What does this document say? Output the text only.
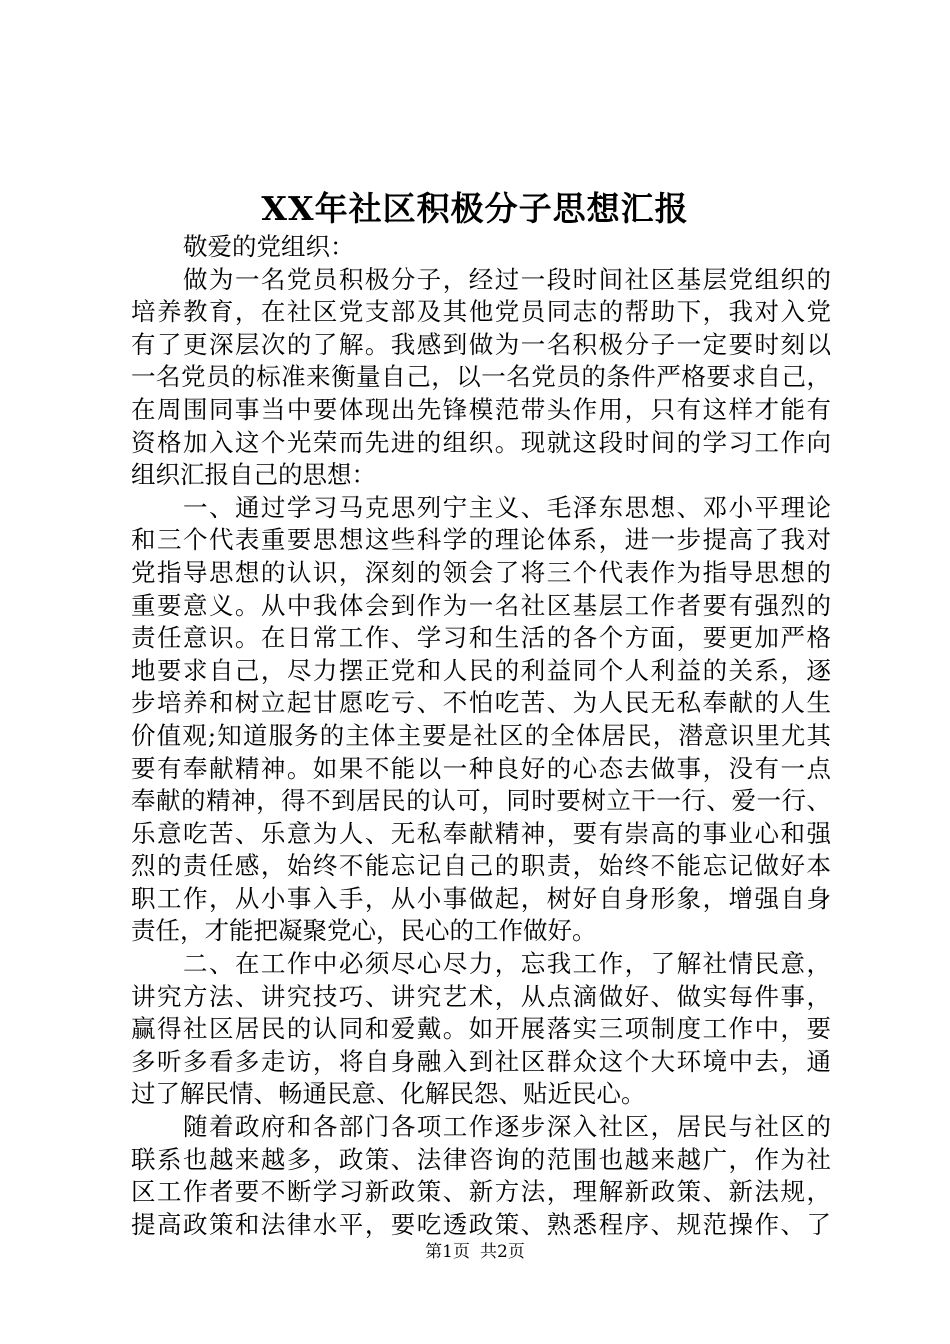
XX年社区积极分子思想汇报
敬爱的党组织：
做为一名党员积极分子，经过一段时间社区基层党组织的
培养教育，在社区党支部及其他党员同志的帮助下，我对入党
有了更深层次的了解。我感到做为一名积极分子一定要时刻以
一名党员的标准来衡量自己，以一名党员的条件严格要求自己，
在周围同事当中要体现出先锋模范带头作用，只有这样才能有
资格加入这个光荣而先进的组织。现就这段时间的学习工作向
组织汇报自己的思想：
一、通过学习马克思列宁主义、毛泽东思想、邓小平理论
和三个代表重要思想这些科学的理论体系，进一步提高了我对
党指导思想的认识，深刻的领会了将三个代表作为指导思想的
重要意义。从中我体会到作为一名社区基层工作者要有强烈的
责任意识。在日常工作、学习和生活的各个方面，要更加严格
地要求自己，尽力摆正党和人民的利益同个人利益的关系，逐
步培养和树立起甘愿吃亏、不怕吃苦、为人民无私奉献的人生
价值观;知道服务的主体主要是社区的全体居民，潜意识里尤其
要有奉献精神。如果不能以一种良好的心态去做事，没有一点
奉献的精神，得不到居民的认可，同时要树立干一行、爱一行、
乐意吃苦、乐意为人、无私奉献精神，要有崇高的事业心和强
烈的责任感，始终不能忘记自己的职责，始终不能忘记做好本
职工作，从小事入手，从小事做起，树好自身形象，增强自身
责任，才能把凝聚党心，民心的工作做好。
二、在工作中必须尽心尽力，忘我工作，了解社情民意，
讲究方法、讲究技巧、讲究艺术，从点滴做好、做实每件事，
赢得社区居民的认同和爱戴。如开展落实三项制度工作中，要
多听多看多走访，将自身融入到社区群众这个大环境中去，通
过了解民情、畅通民意、化解民怨、贴近民心。
随着政府和各部门各项工作逐步深入社区，居民与社区的
联系也越来越多，政策、法律咨询的范围也越来越广，作为社
区工作者要不断学习新政策、新方法，理解新政策、新法规，
提高政策和法律水平，要吃透政策、熟悉程序、规范操作、了
第1页 共2页
